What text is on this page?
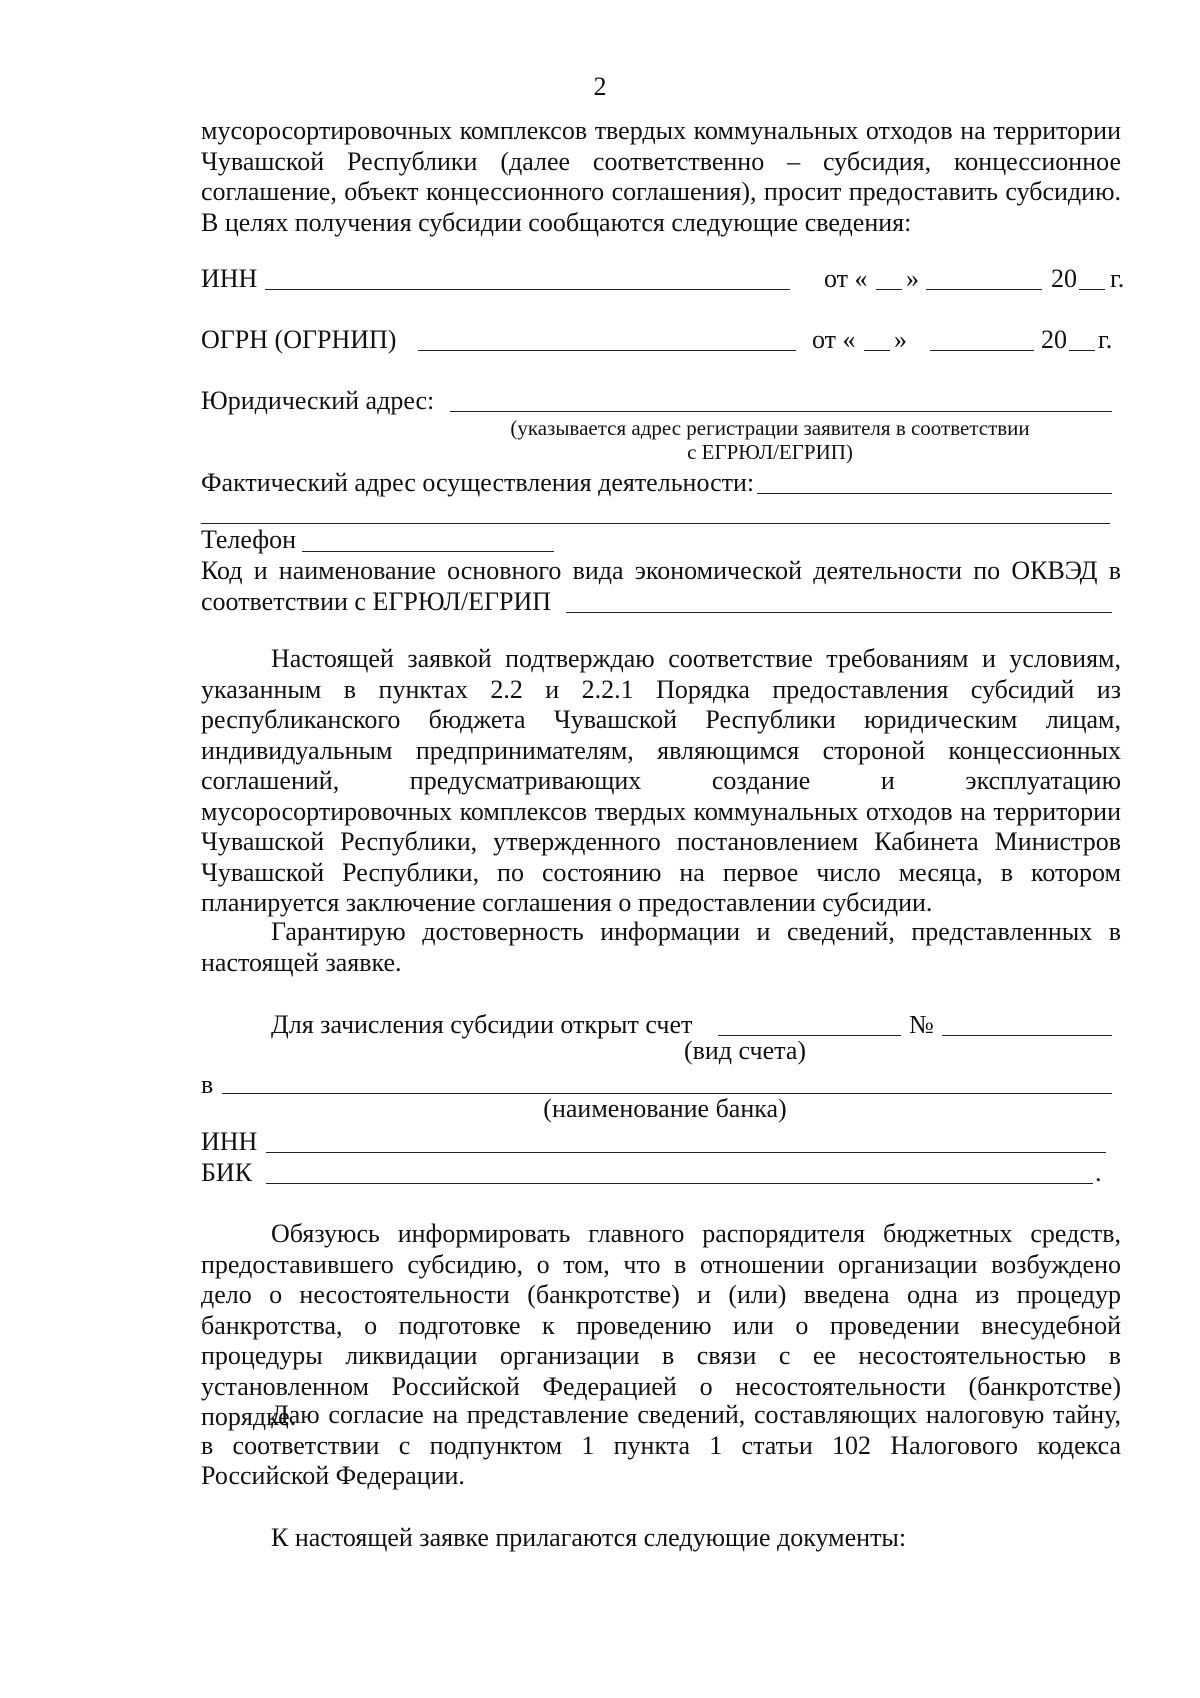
2

мусоросортировочных комплексов твердых коммунальных отходов на территории Чувашской Республики (далее соответственно – субсидия, концессионное соглашение, объект концессионного соглашения), просит предоставить субсидию. В целях получения субсидии сообщаются следующие сведения:

ИНН	от « »	20 г.
ОГРН (ОГРНИП)	от « »	20 г.
Юридический адрес:
(указывается адрес регистрации заявителя в соответствии
с ЕГРЮЛ/ЕГРИП)
Фактический адрес осуществления деятельности:
Телефон

Код и наименование основного вида экономической деятельности по ОКВЭД в

соответствии с ЕГРЮЛ/ЕГРИП

Настоящей заявкой подтверждаю соответствие требованиям и условиям, указанным в пунктах 2.2 и 2.2.1 Порядка предоставления субсидий из республиканского бюджета Чувашской Республики юридическим лицам, индивидуальным предпринимателям, являющимся стороной концессионных соглашений, предусматривающих создание и эксплуатацию мусоросортировочных комплексов твердых коммунальных отходов на территории Чувашской Республики, утвержденного постановлением Кабинета Министров Чувашской Республики, по состоянию на первое число месяца, в котором планируется заключение соглашения о предоставлении субсидии.

Гарантирую достоверность информации и сведений, представленных в настоящей заявке.

Для зачисления субсидии открыт счет	№
(вид счета)
в
(наименование банка)
ИНН
БИК	.

Обязуюсь информировать главного распорядителя бюджетных средств, предоставившего субсидию, о том, что в отношении организации возбуждено дело о несостоятельности (банкротстве) и (или) введена одна из процедур банкротства, о подготовке к проведению или о проведении внесудебной процедуры ликвидации организации в связи с ее несостоятельностью в установленном Российской Федерацией о несостоятельности (банкротстве) порядке.

Даю согласие на представление сведений, составляющих налоговую тайну, в соответствии с подпунктом 1 пункта 1 статьи 102 Налогового кодекса Российской Федерации.

К настоящей заявке прилагаются следующие документы:
